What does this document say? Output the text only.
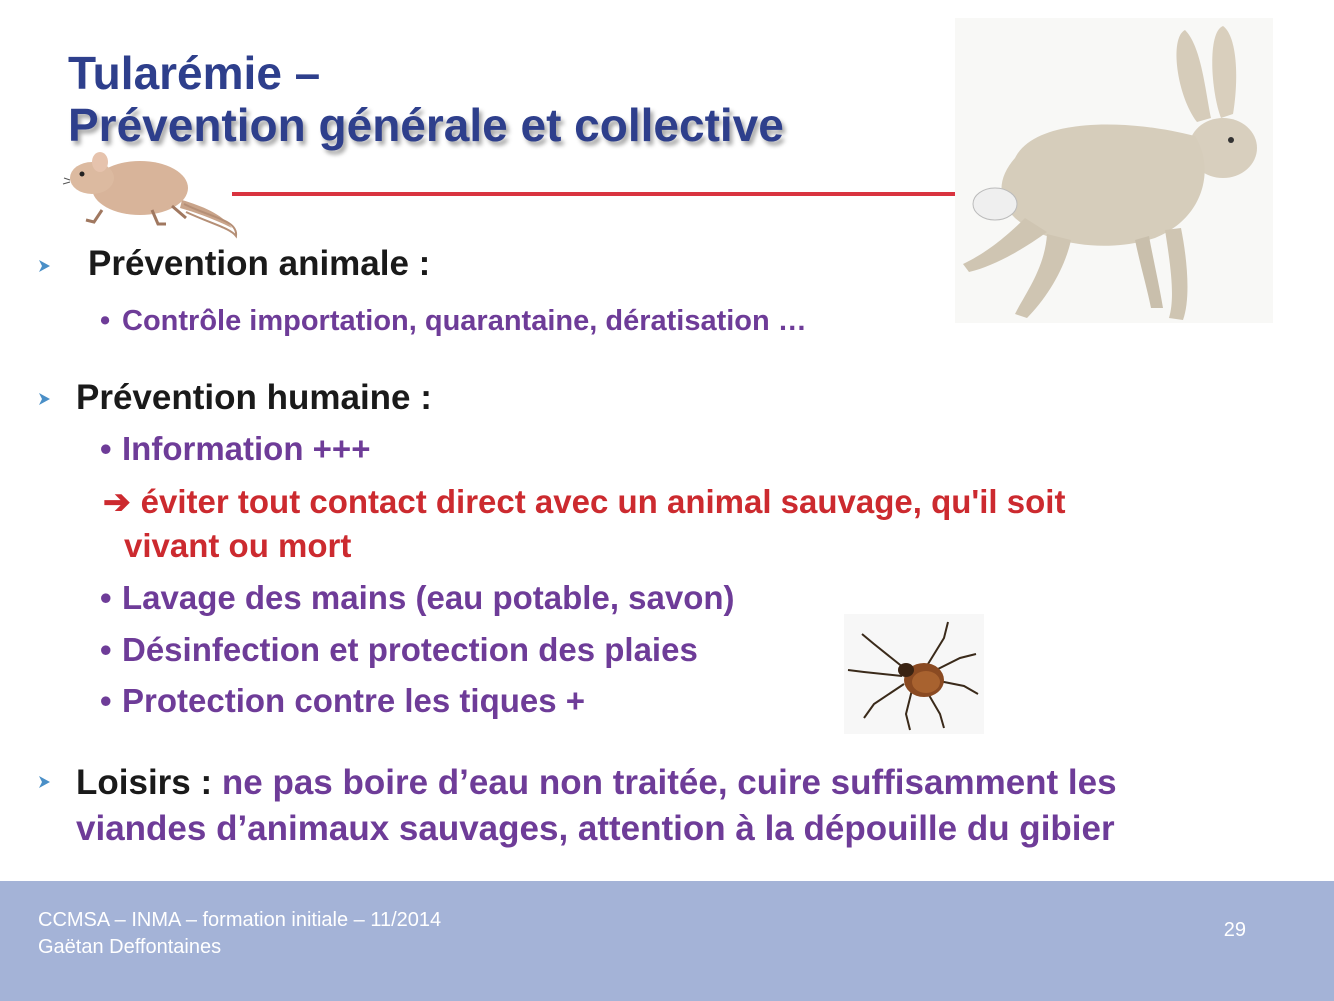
Tularémie –
Prévention générale et collective
Prévention animale :
• Contrôle importation, quarantaine, dératisation …
Prévention humaine :
• Information +++
➔ éviter tout contact direct avec un animal sauvage, qu'il soit
vivant ou mort
• Lavage des mains (eau potable, savon)
• Désinfection et protection des plaies
• Protection contre les tiques +
Loisirs : ne pas boire d’eau non traitée, cuire suffisamment les viandes d’animaux sauvages, attention à la dépouille du gibier
CCMSA – INMA – formation initiale – 11/2014
Gaëtan Deffontaines
29
